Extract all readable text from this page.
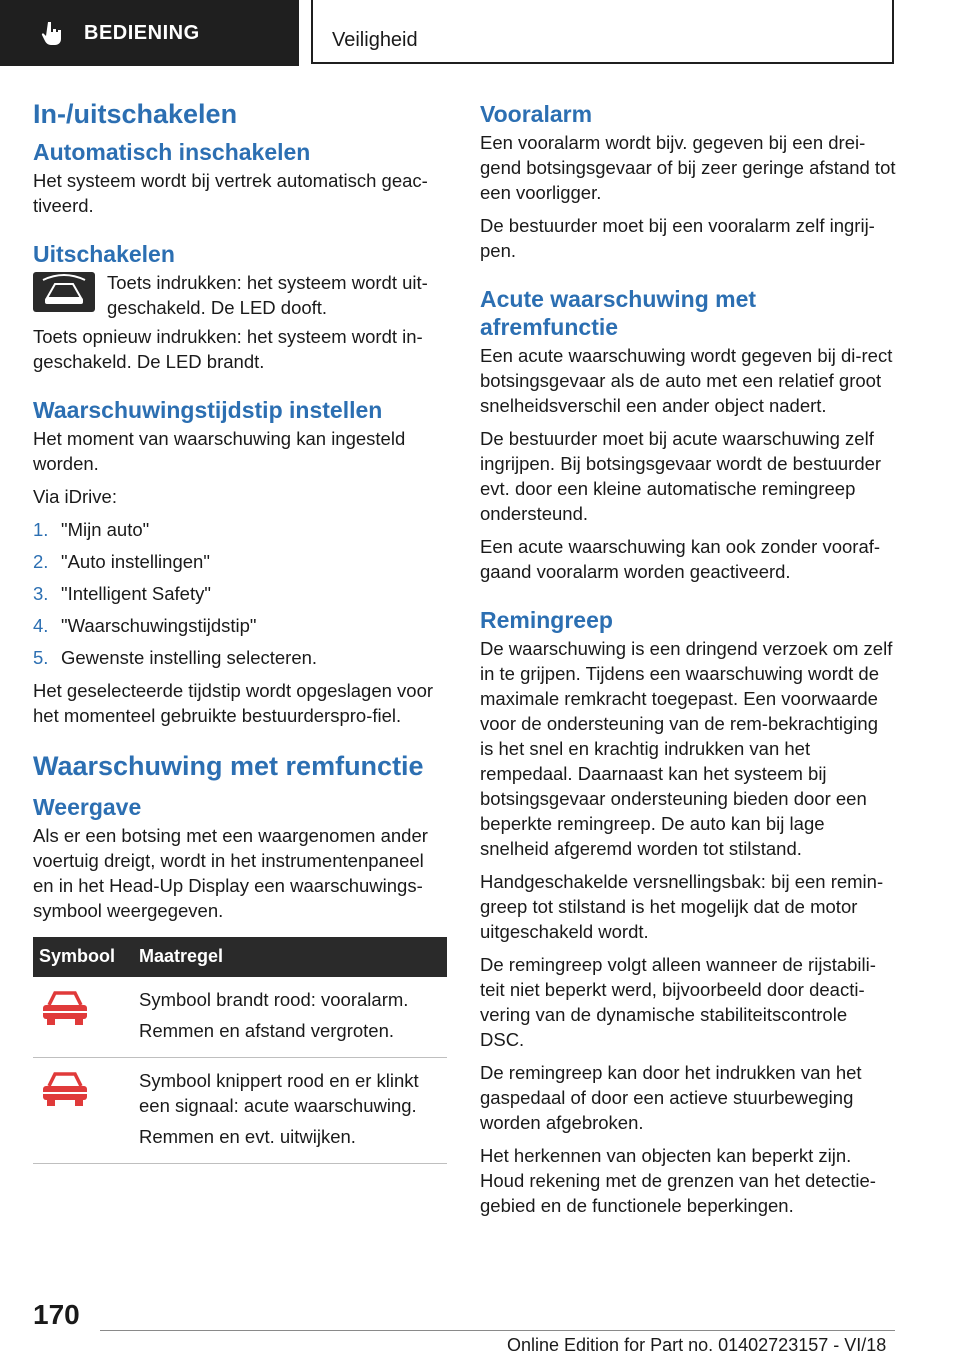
BEDIENING	Veiligheid
In-/uitschakelen
Automatisch inschakelen
Het systeem wordt bij vertrek automatisch geac-tiveerd.
Uitschakelen
Toets indrukken: het systeem wordt uit-geschakeld. De LED dooft.
Toets opnieuw indrukken: het systeem wordt in-geschakeld. De LED brandt.
Waarschuwingstijdstip instellen
Het moment van waarschuwing kan ingesteld worden.
Via iDrive:
1. "Mijn auto"
2. "Auto instellingen"
3. "Intelligent Safety"
4. "Waarschuwingstijdstip"
5. Gewenste instelling selecteren.
Het geselecteerde tijdstip wordt opgeslagen voor het momenteel gebruikte bestuurderspro-fiel.
Waarschuwing met remfunctie
Weergave
Als er een botsing met een waargenomen ander voertuig dreigt, wordt in het instrumentenpaneel en in het Head-Up Display een waarschuwings-symbool weergegeven.
Symbool	Maatregel

Symbool brandt rood: vooralarm.
Remmen en afstand vergroten.

Symbool knippert rood en er klinkt een signaal: acute waarschuwing.
Remmen en evt. uitwijken.
Vooralarm
Een vooralarm wordt bijv. gegeven bij een drei-gend botsingsgevaar of bij zeer geringe afstand tot een voorligger.
De bestuurder moet bij een vooralarm zelf ingrij-pen.
Acute waarschuwing met afremfunctie
Een acute waarschuwing wordt gegeven bij di-rect botsingsgevaar als de auto met een relatief groot snelheidsverschil een ander object nadert.
De bestuurder moet bij acute waarschuwing zelf ingrijpen. Bij botsingsgevaar wordt de bestuurder evt. door een kleine automatische remingreep ondersteund.
Een acute waarschuwing kan ook zonder vooraf-gaand vooralarm worden geactiveerd.
Remingreep
De waarschuwing is een dringend verzoek om zelf in te grijpen. Tijdens een waarschuwing wordt de maximale remkracht toegepast. Een voorwaarde voor de ondersteuning van de rem-bekrachtiging is het snel en krachtig indrukken van het rempedaal. Daarnaast kan het systeem bij botsingsgevaar ondersteuning bieden door een beperkte remingreep. De auto kan bij lage snelheid afgeremd worden tot stilstand.
Handgeschakelde versnellingsbak: bij een remin-greep tot stilstand is het mogelijk dat de motor uitgeschakeld wordt.
De remingreep volgt alleen wanneer de rijstabili-teit niet beperkt werd, bijvoorbeeld door deacti-vering van de dynamische stabiliteitscontrole DSC.
De remingreep kan door het indrukken van het gaspedaal of door een actieve stuurbeweging worden afgebroken.
Het herkennen van objecten kan beperkt zijn. Houd rekening met de grenzen van het detectie-gebied en de functionele beperkingen.
170
Online Edition for Part no. 01402723157 - VI/18
